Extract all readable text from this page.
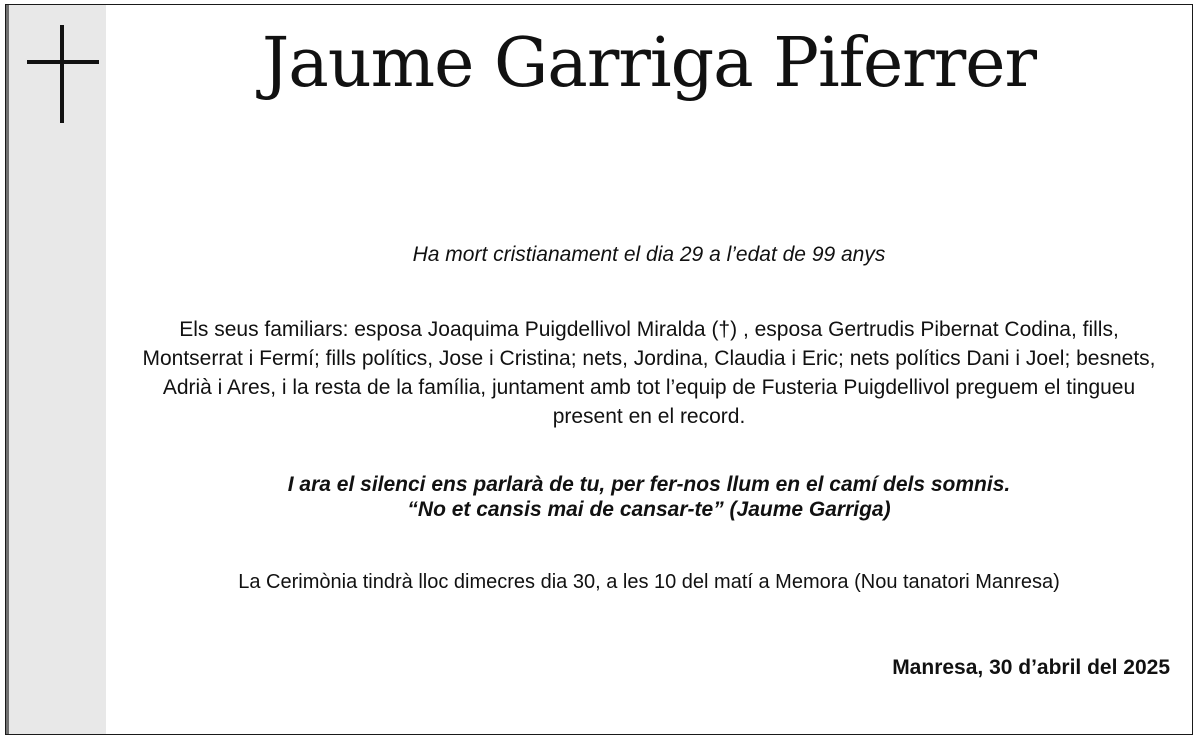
Jaume Garriga Piferrer
Ha mort cristianament el dia 29 a l’edat de 99 anys
Els seus familiars: esposa Joaquima Puigdellivol Miralda (†) , esposa Gertrudis Pibernat Codina, fills, Montserrat i Fermí; fills polítics, Jose i Cristina; nets, Jordina, Claudia i Eric; nets polítics Dani i Joel; besnets, Adrià i Ares, i la resta de la família, juntament amb tot l’equip de Fusteria Puigdellivol preguem el tingueu present en el record.
I ara el silenci ens parlarà de tu, per fer-nos llum en el camí dels somnis.
“No et cansis mai de cansar-te” (Jaume Garriga)
La Cerimònia tindrà lloc dimecres dia 30, a les 10 del matí a Memora (Nou tanatori Manresa)
Manresa, 30 d’abril del 2025
